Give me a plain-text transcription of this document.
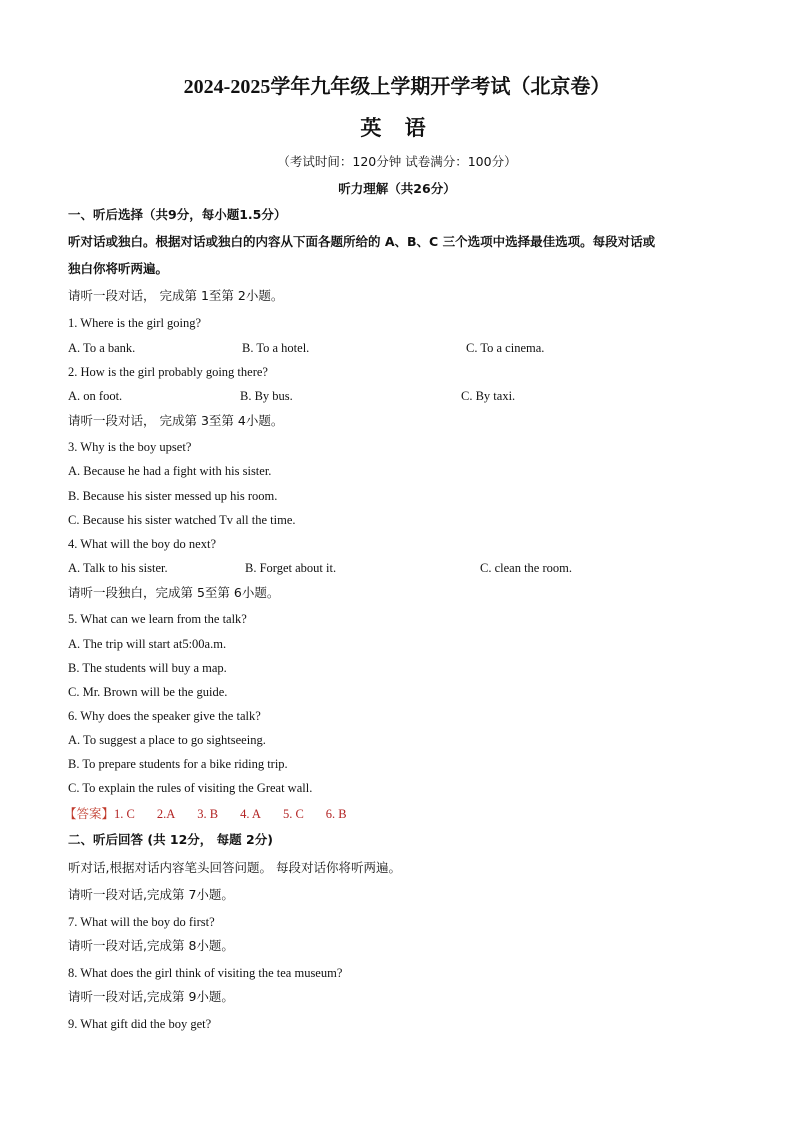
2024-2025学年九年级上学期开学考试（北京卷）
英 语
（考试时间：120分钟 试卷满分：100分）
听力理解（共26分）
一、听后选择（共9分，每小题1.5分）
听对话或独白。根据对话或独白的内容从下面各题所给的 A、B、C 三个选项中选择最佳选项。每段对话或
独白你将听两遍。
请听一段对话， 完成第 1至第 2小题。
1. Where is the girl going?
A. To a bank.	B. To a hotel.	C. To a cinema.
2. How is the girl probably going there?
A. on foot.	B. By bus.	C. By taxi.
请听一段对话， 完成第 3至第 4小题。
3. Why is the boy upset?
A. Because he had a fight with his sister.
B. Because his sister messed up his room.
C. Because his sister watched Tv all the time.
4. What will the boy do next?
A. Talk to his sister.	B. Forget about it.	C. clean the room.
请听一段独白，完成第 5至第 6小题。
5. What can we learn from the talk?
A. The trip will start at5:00a.m.
B. The students will buy a map.
C. Mr. Brown will be the guide.
6. Why does the speaker give the talk?
A. To suggest a place to go sightseeing.
B. To prepare students for a bike riding trip.
C. To explain the rules of visiting the Great wall.
【答案】1. C 2.A 3. B 4. A 5. C 6. B
二、听后回答 (共 12分， 每题 2分)
听对话,根据对话内容笔头回答问题。 每段对话你将听两遍。
请听一段对话,完成第 7小题。
7. What will the boy do first?
请听一段对话,完成第 8小题。
8. What does the girl think of visiting the tea museum?
请听一段对话,完成第 9小题。
9. What gift did the boy get?
